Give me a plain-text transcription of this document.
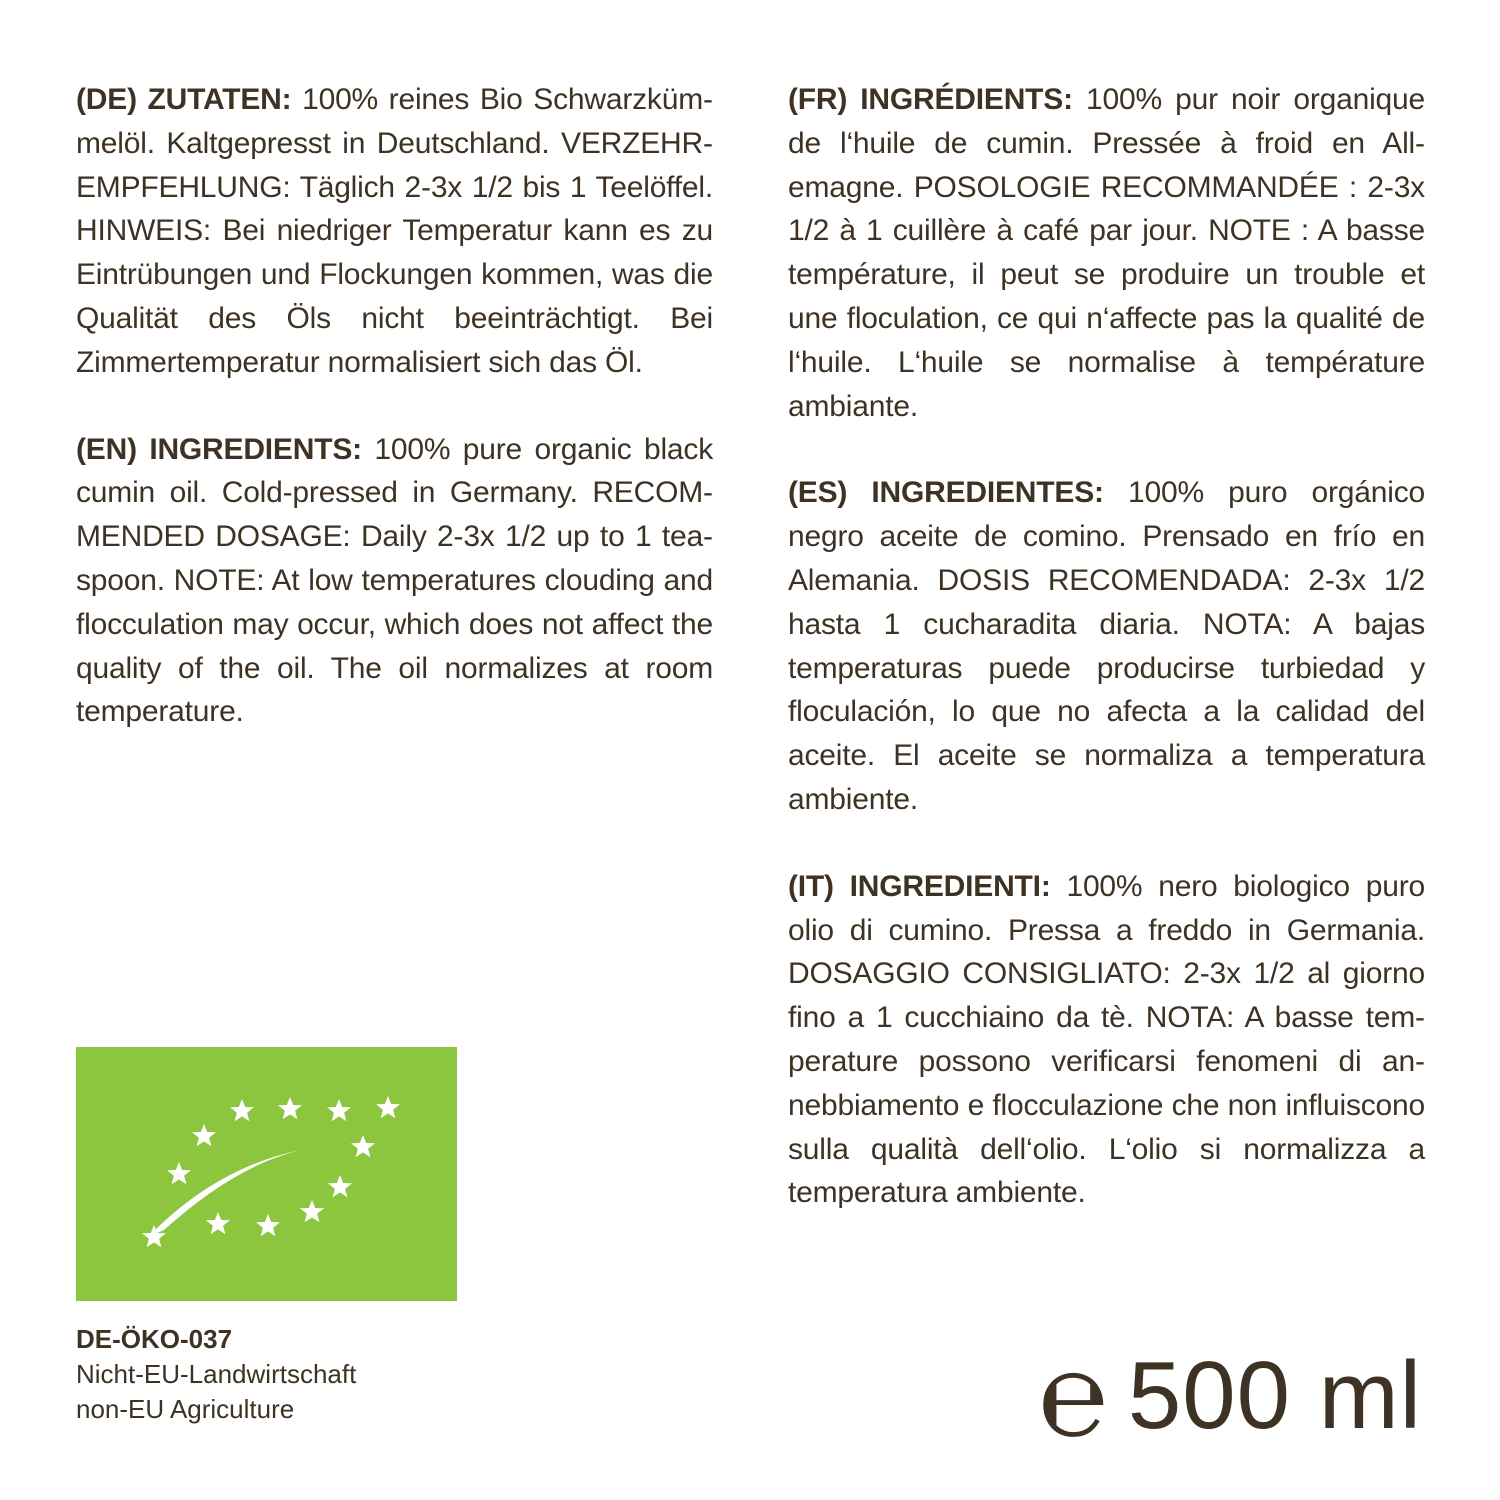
(DE) ZUTATEN: 100% reines Bio Schwarzkümmelöl. Kaltgepresst in Deutschland. VERZEHREMPFEHLUNG: Täglich 2-3x 1/2 bis 1 Teelöffel. HINWEIS: Bei niedriger Temperatur kann es zu Eintrübungen und Flockungen kommen, was die Qualität des Öls nicht beeinträchtigt. Bei Zimmertemperatur normalisiert sich das Öl.

(EN) INGREDIENTS: 100% pure organic black cumin oil. Cold-pressed in Germany. RECOMMENDED DOSAGE: Daily 2-3x 1/2 up to 1 teaspoon. NOTE: At low temperatures clouding and flocculation may occur, which does not affect the quality of the oil. The oil normalizes at room temperature.

(FR) INGRÉDIENTS: 100% pur noir organique de l‘huile de cumin. Pressée à froid en Allemagne. POSOLOGIE RECOMMANDÉE : 2-3x 1/2 à 1 cuillère à café par jour. NOTE : A basse température, il peut se produire un trouble et une floculation, ce qui n‘affecte pas la qualité de l‘huile. L‘huile se normalise à température ambiante.

(ES) INGREDIENTES: 100% puro orgánico negro aceite de comino. Prensado en frío en Alemania. DOSIS RECOMENDADA: 2-3x 1/2 hasta 1 cucharadita diaria. NOTA: A bajas temperaturas puede producirse turbiedad y floculación, lo que no afecta a la calidad del aceite. El aceite se normaliza a temperatura ambiente.

(IT) INGREDIENTI: 100% nero biologico puro olio di cumino. Pressa a freddo in Germania. DOSAGGIO CONSIGLIATO: 2-3x 1/2 al giorno fino a 1 cucchiaino da tè. NOTA: A basse temperature possono verificarsi fenomeni di annebbiamento e flocculazione che non influiscono sulla qualità dell‘olio. L‘olio si normalizza a temperatura ambiente.

DE-ÖKO-037
Nicht-EU-Landwirtschaft
non-EU Agriculture	℮ 500 ml
